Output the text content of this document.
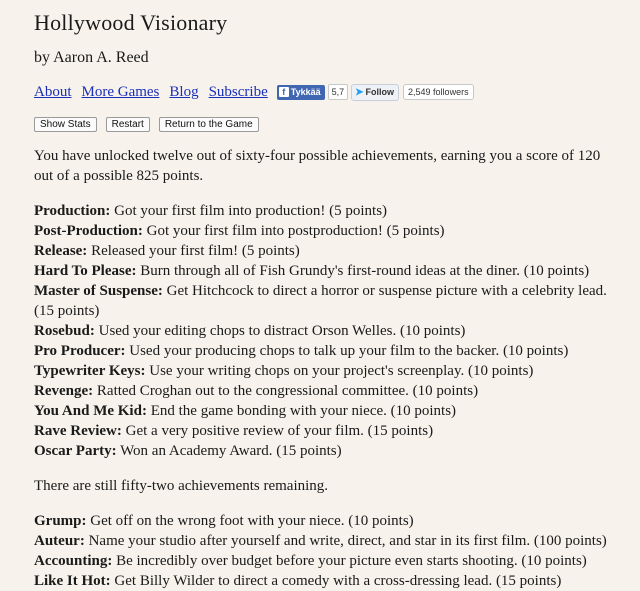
Hollywood Visionary
by Aaron A. Reed
About More Games Blog Subscribe	f Tykkää	5,7	➤ Follow	2,549 followers
Show Stats	Restart	Return to the Game

You have unlocked twelve out of sixty-four possible achievements, earning you a score of 120 out of a possible 825 points.

Production: Got your first film into production! (5 points)

Post-Production: Got your first film into postproduction! (5 points)

Release: Released your first film! (5 points)

Hard To Please: Burn through all of Fish Grundy's first-round ideas at the diner. (10 points)

Master of Suspense: Get Hitchcock to direct a horror or suspense picture with a celebrity lead. (15 points)

Rosebud: Used your editing chops to distract Orson Welles. (10 points)

Pro Producer: Used your producing chops to talk up your film to the backer. (10 points)

Typewriter Keys: Use your writing chops on your project's screenplay. (10 points)

Revenge: Ratted Croghan out to the congressional committee. (10 points)

You And Me Kid: End the game bonding with your niece. (10 points)

Rave Review: Get a very positive review of your film. (15 points)

Oscar Party: Won an Academy Award. (15 points)

There are still fifty-two achievements remaining.

Grump: Get off on the wrong foot with your niece. (10 points)

Auteur: Name your studio after yourself and write, direct, and star in its first film. (100 points)

Accounting: Be incredibly over budget before your picture even starts shooting. (10 points)

Like It Hot: Get Billy Wilder to direct a comedy with a cross-dressing lead. (15 points)
